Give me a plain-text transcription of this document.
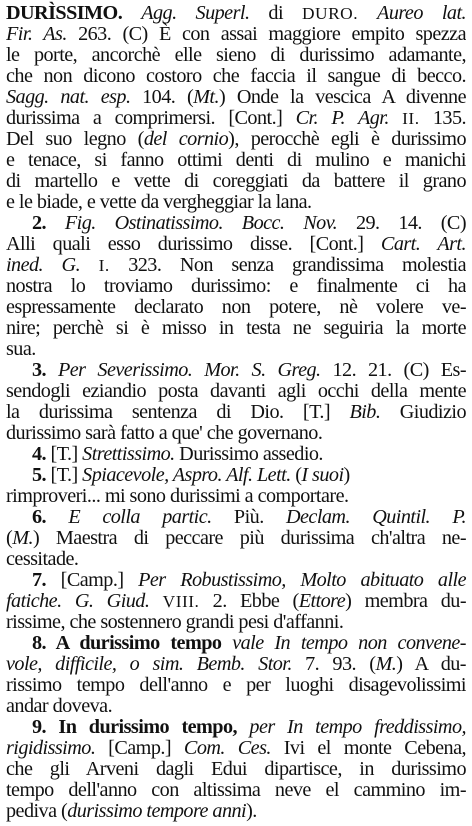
DURÌSSIMO. Agg. Superl. di DURO. Aureo lat.
Fir. As. 263. (C) È con assai maggiore empito spezza
le porte, ancorchè elle sieno di durissimo adamante,
che non dicono costoro che faccia il sangue di becco.
Sagg. nat. esp. 104. (Mt.) Onde la vescica A divenne
durissima a comprimersi. [Cont.] Cr. P. Agr. II. 135.
Del suo legno (del cornio), perocchè egli è durissimo
e tenace, si fanno ottimi denti di mulino e manichi
di martello e vette di coreggiati da battere il grano
e le biade, e vette da vergheggiar la lana.
2. Fig. Ostinatissimo. Bocc. Nov. 29. 14. (C)
Alli quali esso durissimo disse. [Cont.] Cart. Art.
ined. G. I. 323. Non senza grandissima molestia
nostra lo troviamo durissimo: e finalmente ci ha
espressamente declarato non potere, nè volere ve-
nire; perchè si è misso in testa ne seguiria la morte
sua.
3. Per Severissimo. Mor. S. Greg. 12. 21. (C) Es-
sendogli eziandio posta davanti agli occhi della mente
la durissima sentenza di Dio. [T.] Bib. Giudizio
durissimo sarà fatto a que' che governano.
4. [T.] Strettissimo. Durissimo assedio.
5. [T.] Spiacevole, Aspro. Alf. Lett. (I suoi)
rimproveri... mi sono durissimi a comportare.
6. E colla partic. Più. Declam. Quintil. P.
(M.) Maestra di peccare più durissima ch'altra ne-
cessitade.
7. [Camp.] Per Robustissimo, Molto abituato alle
fatiche. G. Giud. VIII. 2. Ebbe (Ettore) membra du-
rissime, che sostennero grandi pesi d'affanni.
8. A durissimo tempo vale In tempo non convene-
vole, difficile, o sim. Bemb. Stor. 7. 93. (M.) A du-
rissimo tempo dell'anno e per luoghi disagevolissimi
andar doveva.
9. In durissimo tempo, per In tempo freddissimo,
rigidissimo. [Camp.] Com. Ces. Ivi el monte Cebena,
che gli Arveni dagli Edui dipartisce, in durissimo
tempo dell'anno con altissima neve el cammino im-
pediva (durissimo tempore anni).
